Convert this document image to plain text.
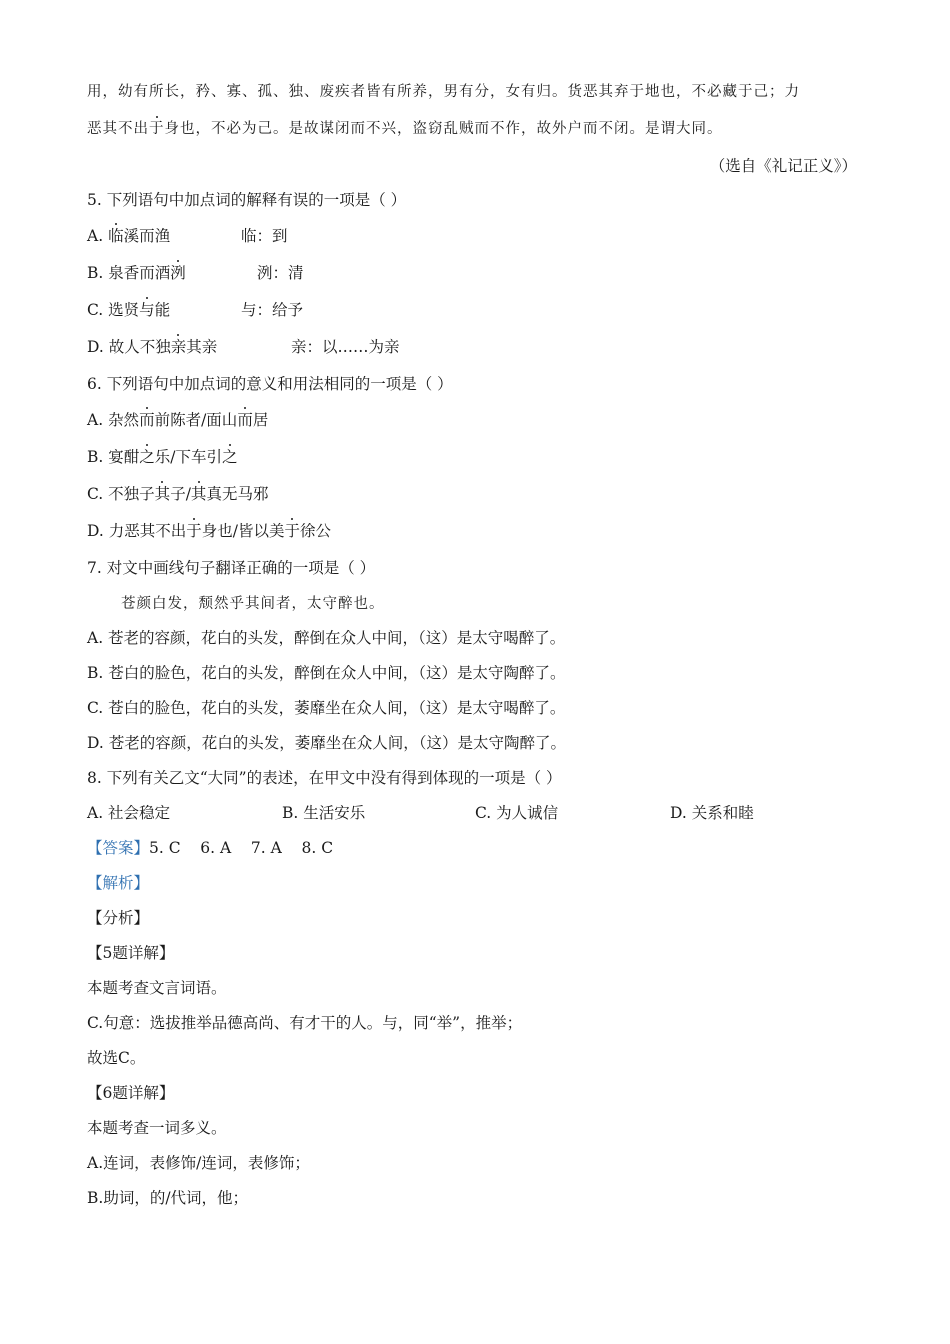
用，幼有所长，矜、寡、孤、独、废疾者皆有所养，男有分，女有归。货恶其弃于地也，不必藏于己；力
恶其不出于身也，不必为己。是故谋闭而不兴，盗窃乱贼而不作，故外户而不闭。是谓大同。
（选自《礼记正义》）
5. 下列语句中加点词的解释有误的一项是（ ）
A. 临溪而渔	临：到
B. 泉香而酒洌	洌：清
C. 选贤与能	与：给予
D. 故人不独亲其亲	亲：以……为亲
6. 下列语句中加点词的意义和用法相同的一项是（ ）
A. 杂然而前陈者/面山而居
B. 宴酣之乐/下车引之
C. 不独子其子/其真无马邪
D. 力恶其不出于身也/皆以美于徐公
7. 对文中画线句子翻译正确的一项是（ ）
苍颜白发，颓然乎其间者，太守醉也。
A. 苍老的容颜，花白的头发，醉倒在众人中间，（这）是太守喝醉了。
B. 苍白的脸色，花白的头发，醉倒在众人中间，（这）是太守陶醉了。
C. 苍白的脸色，花白的头发，萎靡坐在众人间，（这）是太守喝醉了。
D. 苍老的容颜，花白的头发，萎靡坐在众人间，（这）是太守陶醉了。
8. 下列有关乙文“大同”的表述，在甲文中没有得到体现的一项是（ ）
A. 社会稳定	B. 生活安乐	C. 为人诚信	D. 关系和睦
【答案】5. C    6. A    7. A    8. C
【解析】
【分析】
【5题详解】
本题考查文言词语。
C.句意：选拔推举品德高尚、有才干的人。与，同“举”，推举；
故选C。
【6题详解】
本题考查一词多义。
A.连词，表修饰/连词，表修饰；
B.助词，的/代词，他；
